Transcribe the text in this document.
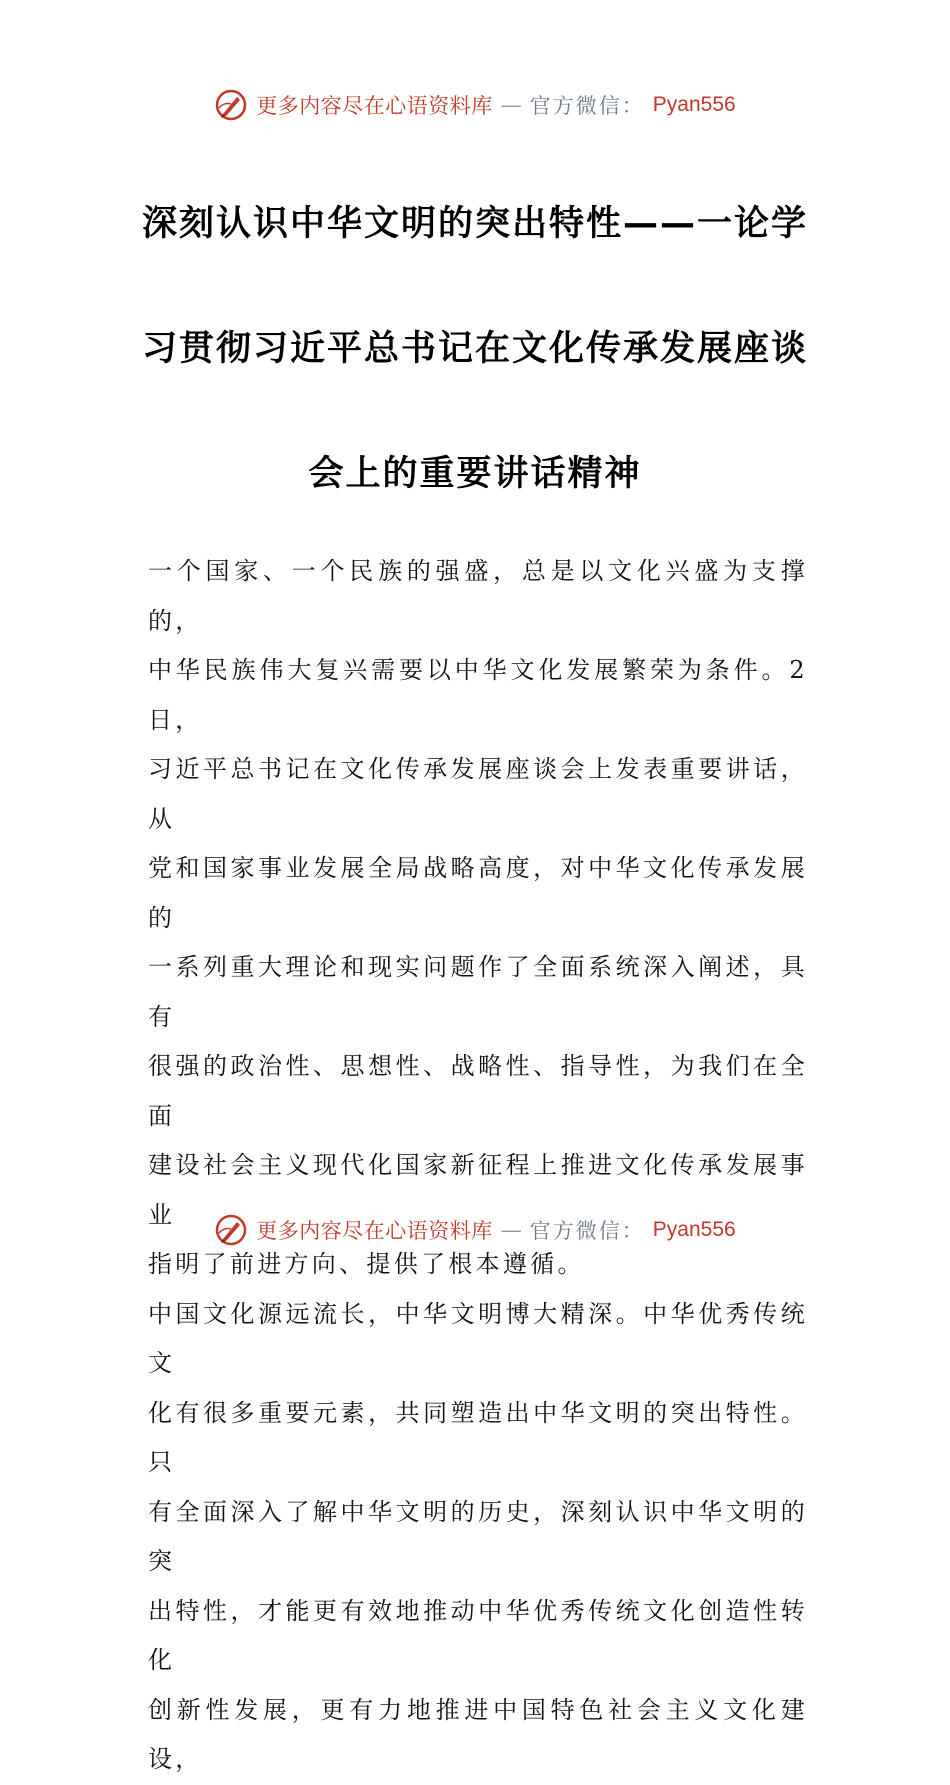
更多内容尽在心语资料库 — 官方微信： Pyan556
深刻认识中华文明的突出特性——一论学
习贯彻习近平总书记在文化传承发展座谈
会上的重要讲话精神

一个国家、一个民族的强盛，总是以文化兴盛为支撑的，
中华民族伟大复兴需要以中华文化发展繁荣为条件。2日，
习近平总书记在文化传承发展座谈会上发表重要讲话，从
党和国家事业发展全局战略高度，对中华文化传承发展的
一系列重大理论和现实问题作了全面系统深入阐述，具有
很强的政治性、思想性、战略性、指导性，为我们在全面
建设社会主义现代化国家新征程上推进文化传承发展事业
指明了前进方向、提供了根本遵循。

中国文化源远流长，中华文明博大精深。中华优秀传统文
化有很多重要元素，共同塑造出中华文明的突出特性。只
有全面深入了解中华文明的历史，深刻认识中华文明的突
出特性，才能更有效地推动中华优秀传统文化创造性转化
创新性发展，更有力地推进中国特色社会主义文化建设，

更多内容尽在心语资料库 — 官方微信： Pyan556
